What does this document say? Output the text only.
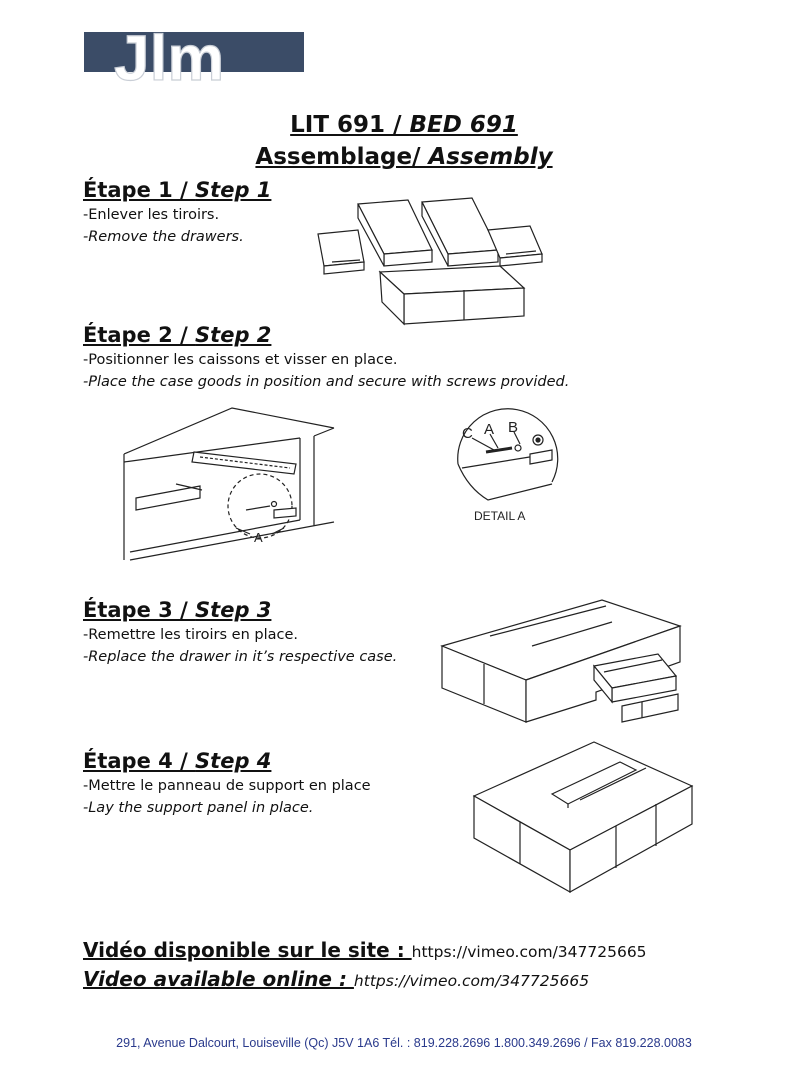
Jlm
LIT 691 / BED 691
Assemblage/ Assembly
Étape 1 / Step 1
-Enlever les tiroirs.
-Remove the drawers.
Étape 2 / Step 2
-Positionner les caissons et visser en place.
-Place the case goods in position and secure with screws provided.
A
C A B
DETAIL A
Étape 3 / Step 3
-Remettre les tiroirs en place.
-Replace the drawer in it’s respective case.
Étape 4 / Step 4
-Mettre le panneau de support en place
-Lay the support panel in place.
Vidéo disponible sur le site : https://vimeo.com/347725665
Video available online : https://vimeo.com/347725665
291, Avenue Dalcourt, Louiseville (Qc) J5V 1A6 Tél. : 819.228.2696 1.800.349.2696 / Fax 819.228.0083
